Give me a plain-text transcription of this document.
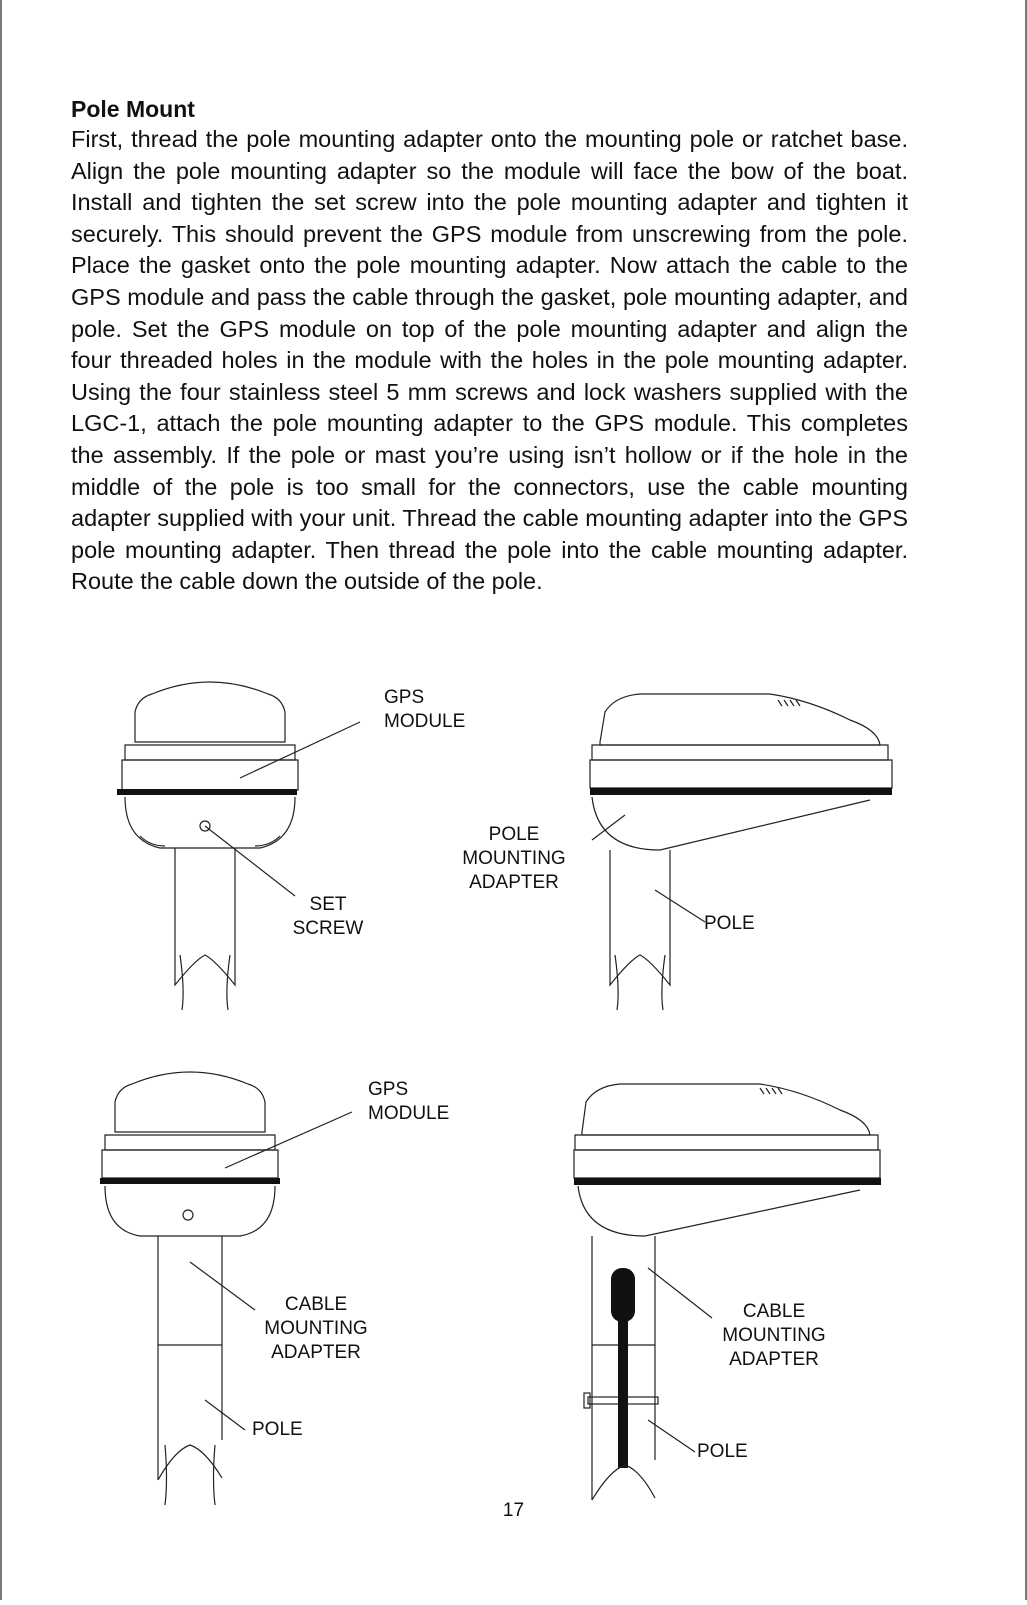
Pole Mount

First, thread the pole mounting adapter onto the mounting pole or ratchet base. Align the pole mounting adapter so the module will face the bow of the boat. Install and tighten the set screw into the pole mounting adapter and tighten it securely. This should prevent the GPS module from unscrewing from the pole. Place the gasket onto the pole mounting adapter. Now attach the cable to the GPS module and pass the cable through the gasket, pole mounting adapter, and pole. Set the GPS module on top of the pole mounting adapter and align the four threaded holes in the module with the holes in the pole mounting adapter. Using the four stainless steel 5 mm screws and lock washers supplied with the LGC-1, attach the pole mounting adapter to the GPS module. This completes the assembly. If the pole or mast you’re using isn’t hollow or if the hole in the middle of the pole is too small for the connectors, use the cable mounting adapter supplied with your unit. Thread the cable mounting adapter into the GPS pole mounting adapter. Then thread the pole into the cable mounting adapter. Route the cable down the outside of the pole.

GPS
MODULE
SET
SCREW
POLE
MOUNTING
ADAPTER
POLE
GPS
MODULE
CABLE
MOUNTING
ADAPTER
POLE
CABLE
MOUNTING
ADAPTER
POLE
17
